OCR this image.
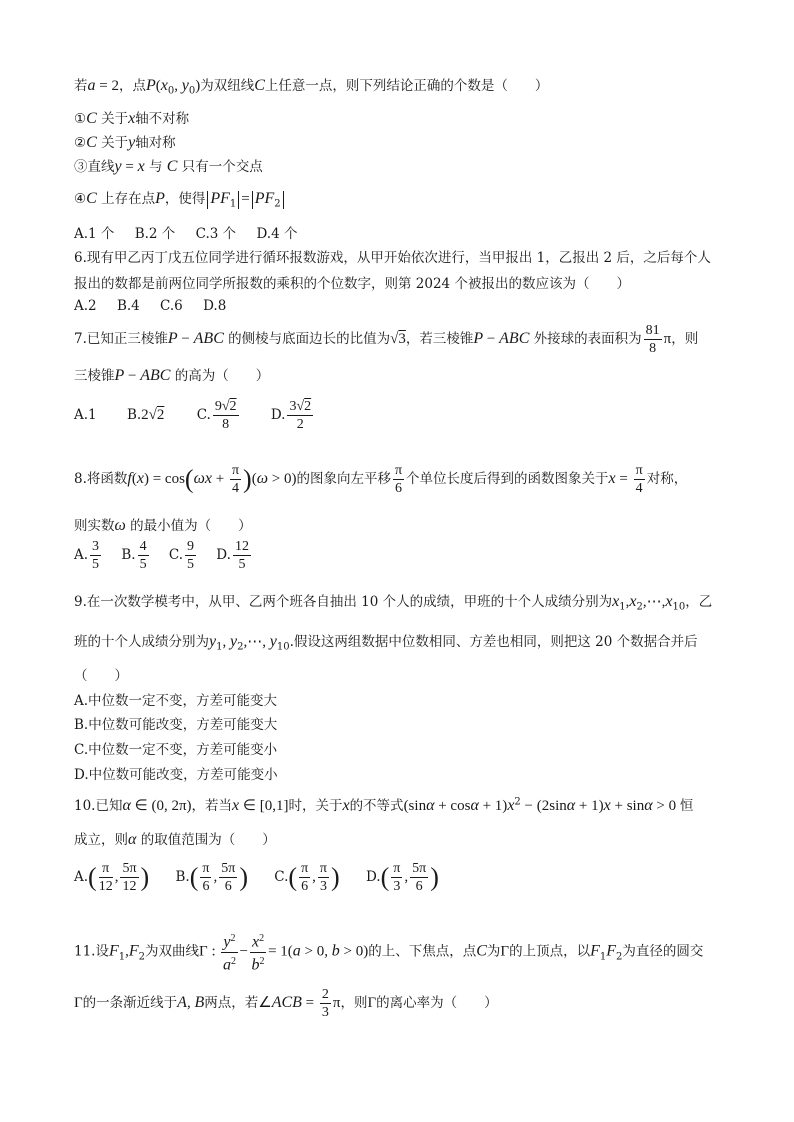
若a = 2，点$P(x_0$, $y_0$)为双纽线C上任意一点，则下列结论正确的个数是（　　）
①C 关于x轴不对称
②C 关于y轴对称
③直线y = x 与 C 只有一个交点
④C 上存在点P，使得 $PF_1 = PF_2$
A.1 个 B.2 个 C.3 个 D.4 个
6.现有甲乙丙丁戊五位同学进行循环报数游戏，从甲开始依次进行，当甲报出 1，乙报出 2 后，之后每个人
报出的数都是前两位同学所报数的乘积的个位数字，则第 2024 个被报出的数应该为（　　）
A.2 B.4 C.6 D.8
7.已知正三棱锥P − ABC 的侧棱与底面边长的比值为√3，若三棱锥P − ABC 外接球的表面积为 $\frac{81}{8}$ π，则
三棱锥P − ABC 的高为（　　）
A.1 B.2√2 C. $\frac{9√2}{8} D$. $\frac{3√2}{2}$
8.将函数$f(x) = \cos(\omega x + \frac{\pi}{4} )(\omega > 0)$的图象向左平移 $\frac{\pi}{6}$ 个单位长度后得到的函数图象关于$x = \frac{\pi}{4}$ 对称，
则实数ω 的最小值为（　　）
A. $\frac{3}{5} B$. $\frac{4}{5} C$. $\frac{9}{5} D$. $\frac{12}{5}$
9.在一次数学模考中，从甲、乙两个班各自抽出 10 个人的成绩，甲班的十个人成绩分别为$x_1,x_2,\cdots,x_{10}$，乙
班的十个人成绩分别为$y_1$, $y_2,\cdots$, $y_{10}$.假设这两组数据中位数相同、方差也相同，则把这 20 个数据合并后
（　　）
A.中位数一定不变，方差可能变大
B.中位数可能改变，方差可能变大
C.中位数一定不变，方差可能变小
D.中位数可能改变，方差可能变小
10.已知α ∈ (0, 2π)，若当x ∈ [0,1]时，关于x的不等式$(\sin\alpha + \cos\alpha + 1)x^2 - (2\sin\alpha + 1)x + \sin\alpha > 0$ 恒
成立，则α 的取值范围为（　　）
$A.( \frac{\pi}{12}$ , $\frac{5\pi}{12}$ ) $B.( \frac{\pi}{6}$ , $\frac{5\pi}{6}$ ) $C.( \frac{\pi}{6}$ , $\frac{\pi}{3}$ ) $D.( \frac{\pi}{3}$ , $\frac{5\pi}{6}$ )
11.设$F_1,F_2$为双曲线Γ : $\frac{y^2}{a^2} - \frac{x^2}{b^2} = 1(a > 0$, b > 0)的上、下焦点，点C为Γ的上顶点，以$F_1F_2$为直径的圆交
Γ的一条渐近线于A, B两点，若∠ACB = $\frac{2}{3}$ π，则Γ的离心率为（　　）
